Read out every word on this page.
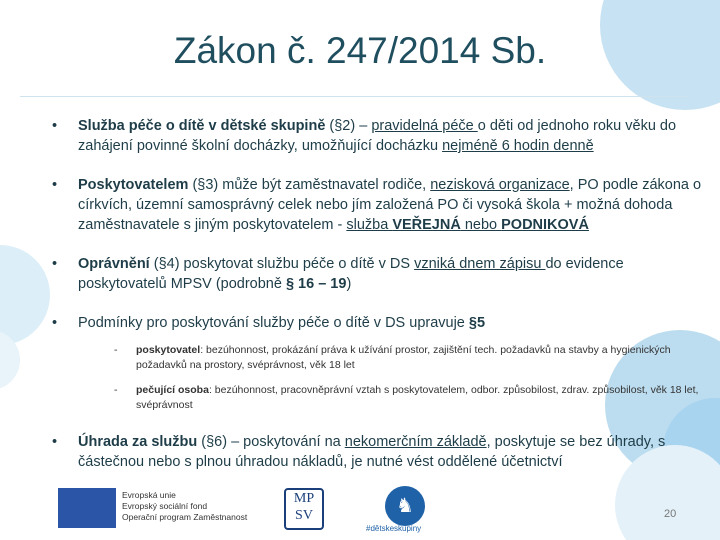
Zákon č. 247/2014 Sb.
• Služba péče o dítě v dětské skupině (§2) – pravidelná péče o děti od jednoho roku věku do zahájení povinné školní docházky, umožňující docházku nejméně 6 hodin denně
• Poskytovatelem (§3) může být zaměstnavatel rodiče, nezisková organizace, PO podle zákona o církvích, územní samosprávný celek nebo jím založená PO či vysoká škola + možná dohoda zaměstnavatele s jiným poskytovatelem - služba VEŘEJNÁ nebo PODNIKOVÁ
• Oprávnění (§4) poskytovat službu péče o dítě v DS vzniká dnem zápisu do evidence poskytovatelů MPSV (podrobně § 16 – 19)
• Podmínky pro poskytování služby péče o dítě v DS upravuje §5
- poskytovatel: bezúhonnost, prokázání práva k užívání prostor, zajištění tech. požadavků na stavby a hygienických požadavků na prostory, svéprávnost, věk 18 let
- pečující osoba: bezúhonnost, pracovněprávní vztah s poskytovatelem, odbor. způsobilost, zdrav. způsobilost, věk 18 let, svéprávnost
• Úhrada za službu (§6) – poskytování na nekomerčním základě, poskytuje se bez úhrady, s částečnou nebo s plnou úhradou nákladů, je nutné vést oddělené účetnictví
Evropská unie
Evropský sociální fond
Operační program Zaměstnanost
MP
SV	♞
#dětskeskupiny
20
